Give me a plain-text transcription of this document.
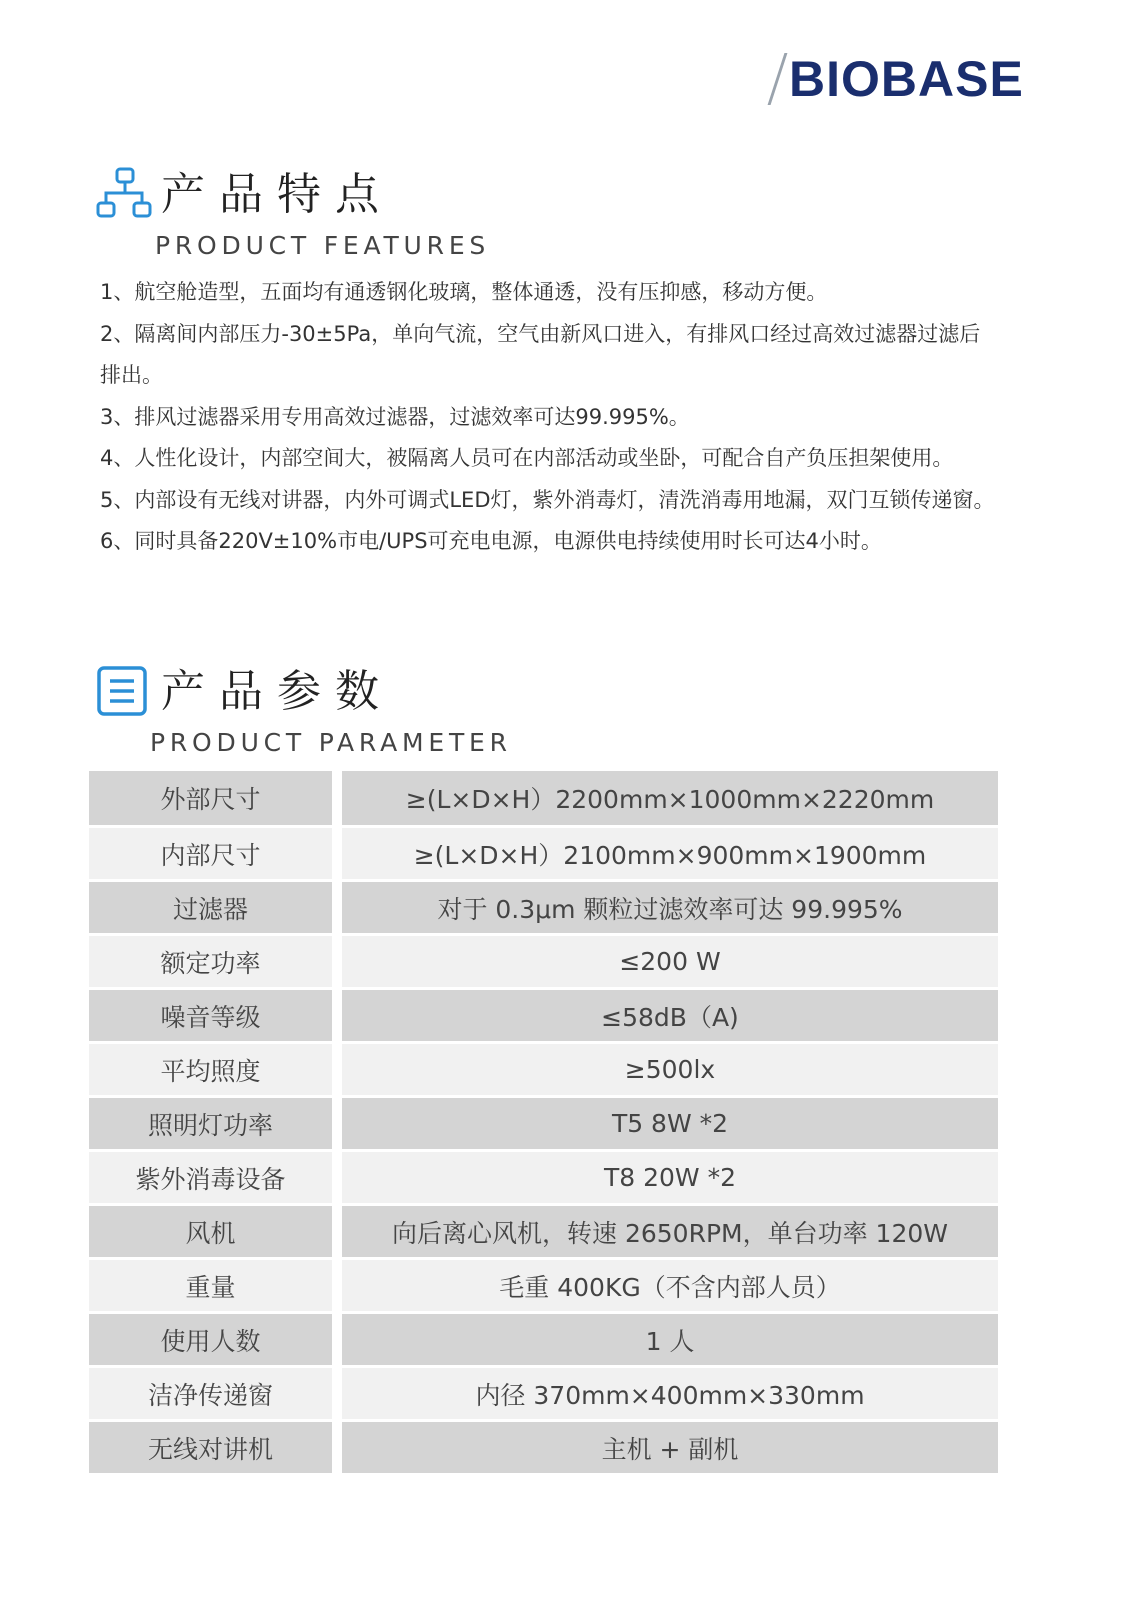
BIOBASE
产品特点
PRODUCT FEATURES
1、航空舱造型，五面均有通透钢化玻璃，整体通透，没有压抑感，移动方便。
2、隔离间内部压力-30±5Pa，单向气流，空气由新风口进入，有排风口经过高效过滤器过滤后排出。
3、排风过滤器采用专用高效过滤器，过滤效率可达99.995%。
4、人性化设计，内部空间大，被隔离人员可在内部活动或坐卧，可配合自产负压担架使用。
5、内部设有无线对讲器，内外可调式LED灯，紫外消毒灯，清洗消毒用地漏，双门互锁传递窗。
6、同时具备220V±10%市电/UPS可充电电源，电源供电持续使用时长可达4小时。
产品参数
PRODUCT PARAMETER
外部尺寸		≥(L×D×H）2200mm×1000mm×2220mm
内部尺寸		≥(L×D×H）2100mm×900mm×1900mm
过滤器		对于 0.3μm 颗粒过滤效率可达 99.995%
额定功率		≤200 W
噪音等级		≤58dB（A)
平均照度		≥500lx
照明灯功率		T5 8W *2
紫外消毒设备		T8 20W *2
风机		向后离心风机，转速 2650RPM，单台功率 120W
重量		毛重 400KG（不含内部人员）
使用人数		1 人
洁净传递窗		内径 370mm×400mm×330mm
无线对讲机		主机 + 副机
